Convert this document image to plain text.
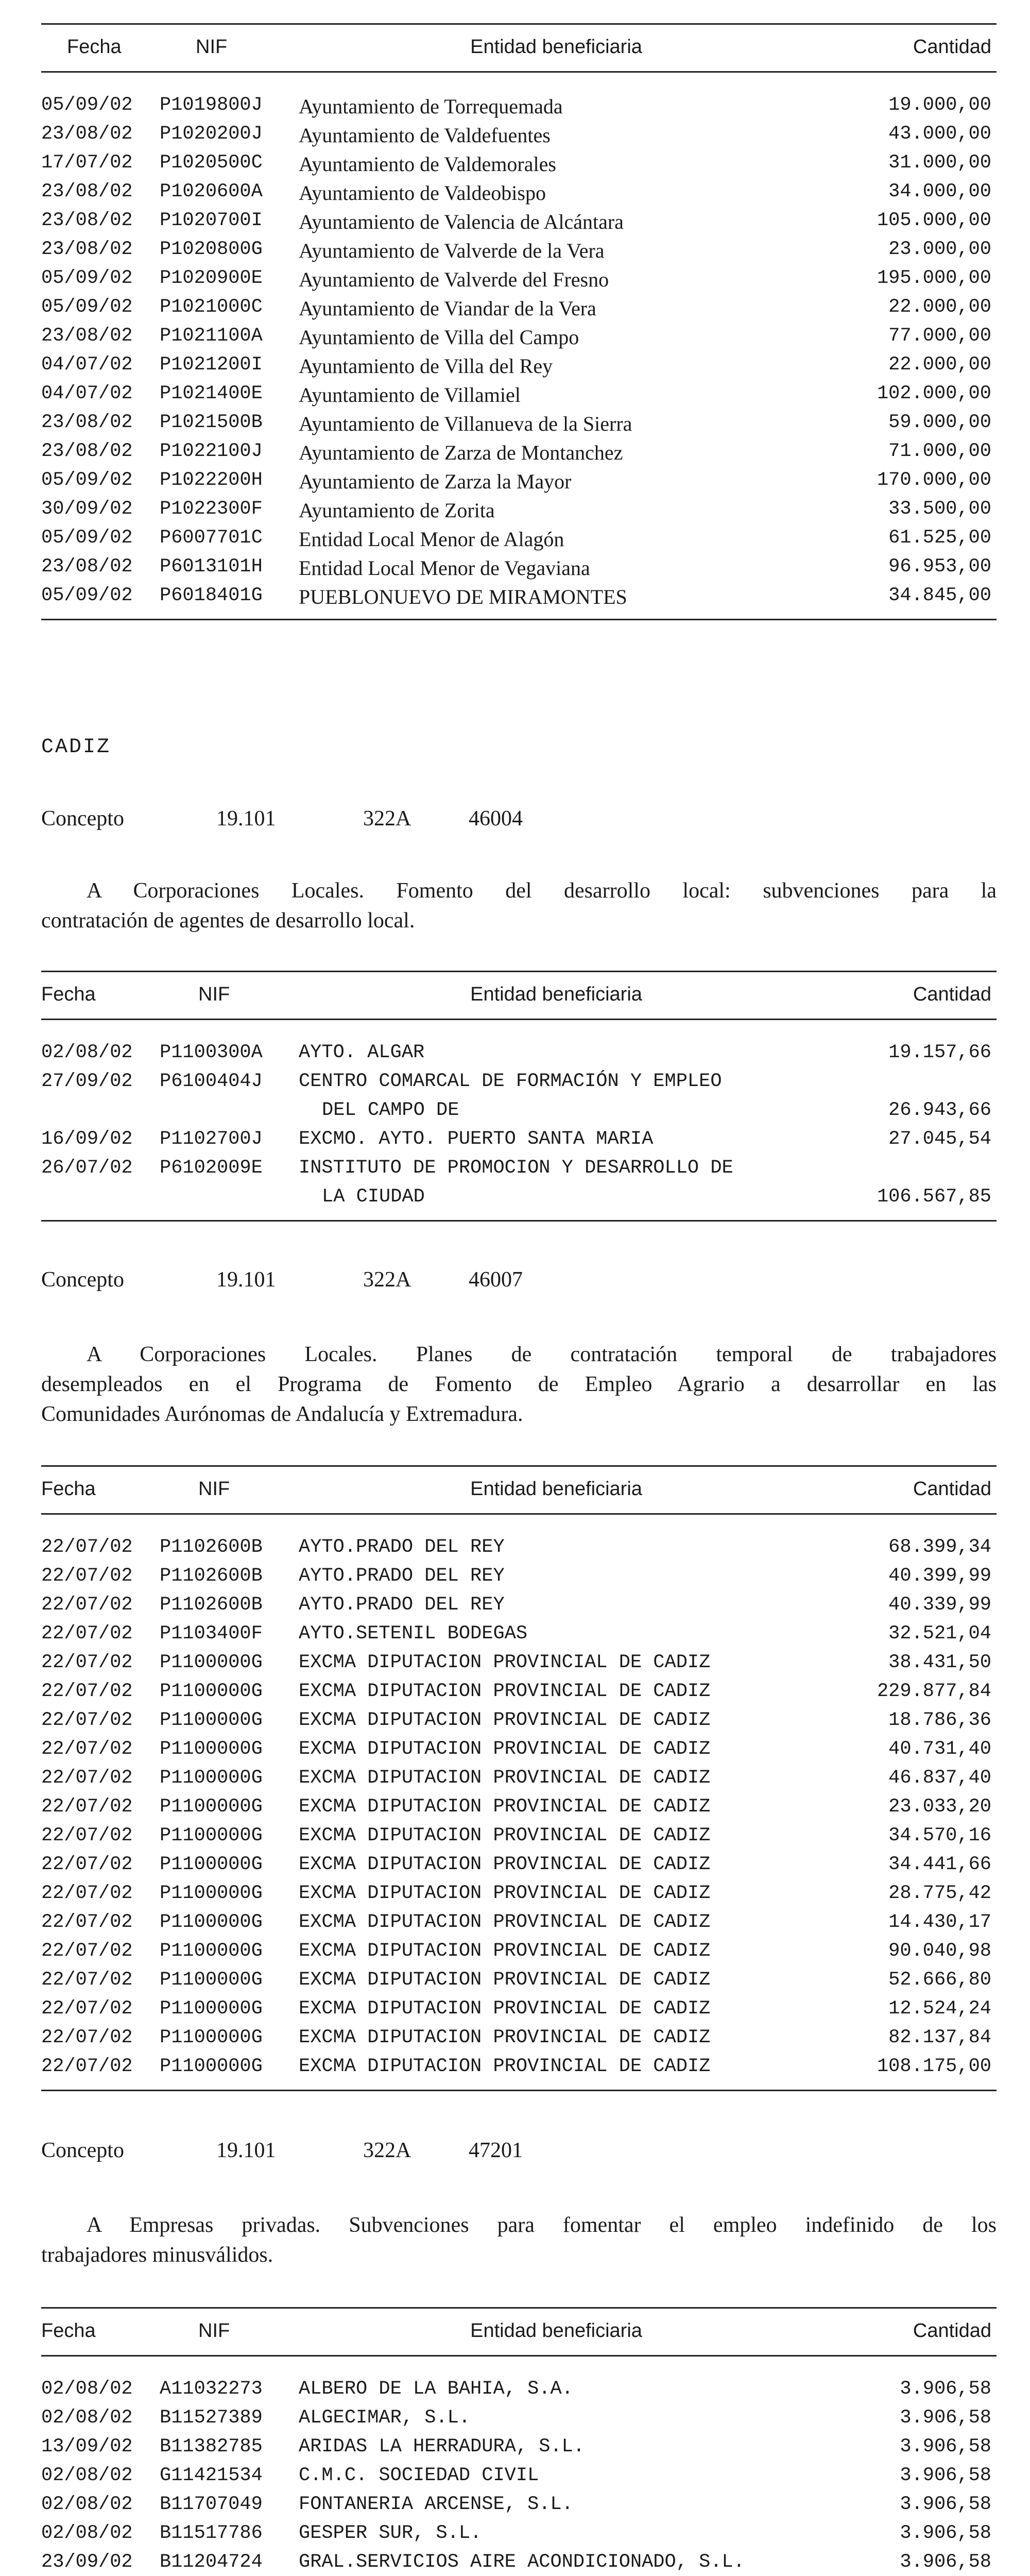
Fecha	NIF	Entidad beneficiaria	Cantidad
05/09/02 P1019800J Ayuntamiento de Torrequemada	19.000,00
23/08/02 P1020200J Ayuntamiento de Valdefuentes	43.000,00
17/07/02 P1020500C Ayuntamiento de Valdemorales	31.000,00
23/08/02 P1020600A Ayuntamiento de Valdeobispo	34.000,00
23/08/02 P1020700I Ayuntamiento de Valencia de Alcántara	105.000,00
23/08/02 P1020800G Ayuntamiento de Valverde de la Vera	23.000,00
05/09/02 P1020900E Ayuntamiento de Valverde del Fresno	195.000,00
05/09/02 P1021000C Ayuntamiento de Viandar de la Vera	22.000,00
23/08/02 P1021100A Ayuntamiento de Villa del Campo	77.000,00
04/07/02 P1021200I Ayuntamiento de Villa del Rey	22.000,00
04/07/02 P1021400E Ayuntamiento de Villamiel	102.000,00
23/08/02 P1021500B Ayuntamiento de Villanueva de la Sierra	59.000,00
23/08/02 P1022100J Ayuntamiento de Zarza de Montanchez	71.000,00
05/09/02 P1022200H Ayuntamiento de Zarza la Mayor	170.000,00
30/09/02 P1022300F Ayuntamiento de Zorita	33.500,00
05/09/02 P6007701C Entidad Local Menor de Alagón	61.525,00
23/08/02 P6013101H Entidad Local Menor de Vegaviana	96.953,00
05/09/02 P6018401G PUEBLONUEVO DE MIRAMONTES	34.845,00
CADIZ
Concepto	19.101	322A	46004

A Corporaciones Locales. Fomento del desarrollo local: subvenciones para la

contratación de agentes de desarrollo local.

Fecha	NIF	Entidad beneficiaria	Cantidad
02/08/02 P1100300A AYTO. ALGAR	19.157,66
27/09/02 P6100404J CENTRO COMARCAL DE FORMACIÓN Y EMPLEO
DEL CAMPO DE	26.943,66
16/09/02 P1102700J EXCMO. AYTO. PUERTO SANTA MARIA	27.045,54
26/07/02 P6102009E INSTITUTO DE PROMOCION Y DESARROLLO DE
LA CIUDAD	106.567,85
Concepto	19.101	322A	46007

A Corporaciones Locales. Planes de contratación temporal de trabajadores

desempleados en el Programa de Fomento de Empleo Agrario a desarrollar en las

Comunidades Aurónomas de Andalucía y Extremadura.

Fecha	NIF	Entidad beneficiaria	Cantidad
22/07/02 P1102600B AYTO.PRADO DEL REY	68.399,34
22/07/02 P1102600B AYTO.PRADO DEL REY	40.399,99
22/07/02 P1102600B AYTO.PRADO DEL REY	40.339,99
22/07/02 P1103400F AYTO.SETENIL BODEGAS	32.521,04
22/07/02 P1100000G EXCMA DIPUTACION PROVINCIAL DE CADIZ	38.431,50
22/07/02 P1100000G EXCMA DIPUTACION PROVINCIAL DE CADIZ	229.877,84
22/07/02 P1100000G EXCMA DIPUTACION PROVINCIAL DE CADIZ	18.786,36
22/07/02 P1100000G EXCMA DIPUTACION PROVINCIAL DE CADIZ	40.731,40
22/07/02 P1100000G EXCMA DIPUTACION PROVINCIAL DE CADIZ	46.837,40
22/07/02 P1100000G EXCMA DIPUTACION PROVINCIAL DE CADIZ	23.033,20
22/07/02 P1100000G EXCMA DIPUTACION PROVINCIAL DE CADIZ	34.570,16
22/07/02 P1100000G EXCMA DIPUTACION PROVINCIAL DE CADIZ	34.441,66
22/07/02 P1100000G EXCMA DIPUTACION PROVINCIAL DE CADIZ	28.775,42
22/07/02 P1100000G EXCMA DIPUTACION PROVINCIAL DE CADIZ	14.430,17
22/07/02 P1100000G EXCMA DIPUTACION PROVINCIAL DE CADIZ	90.040,98
22/07/02 P1100000G EXCMA DIPUTACION PROVINCIAL DE CADIZ	52.666,80
22/07/02 P1100000G EXCMA DIPUTACION PROVINCIAL DE CADIZ	12.524,24
22/07/02 P1100000G EXCMA DIPUTACION PROVINCIAL DE CADIZ	82.137,84
22/07/02 P1100000G EXCMA DIPUTACION PROVINCIAL DE CADIZ	108.175,00
Concepto	19.101	322A	47201

A Empresas privadas. Subvenciones para fomentar el empleo indefinido de los

trabajadores minusválidos.

Fecha	NIF	Entidad beneficiaria	Cantidad
02/08/02 A11032273 ALBERO DE LA BAHIA, S.A.	3.906,58
02/08/02 B11527389 ALGECIMAR, S.L.	3.906,58
13/09/02 B11382785 ARIDAS LA HERRADURA, S.L.	3.906,58
02/08/02 G11421534 C.M.C. SOCIEDAD CIVIL	3.906,58
02/08/02 B11707049 FONTANERIA ARCENSE, S.L.	3.906,58
02/08/02 B11517786 GESPER SUR, S.L.	3.906,58
23/09/02 B11204724 GRAL.SERVICIOS AIRE ACONDICIONADO, S.L.	3.906,58
